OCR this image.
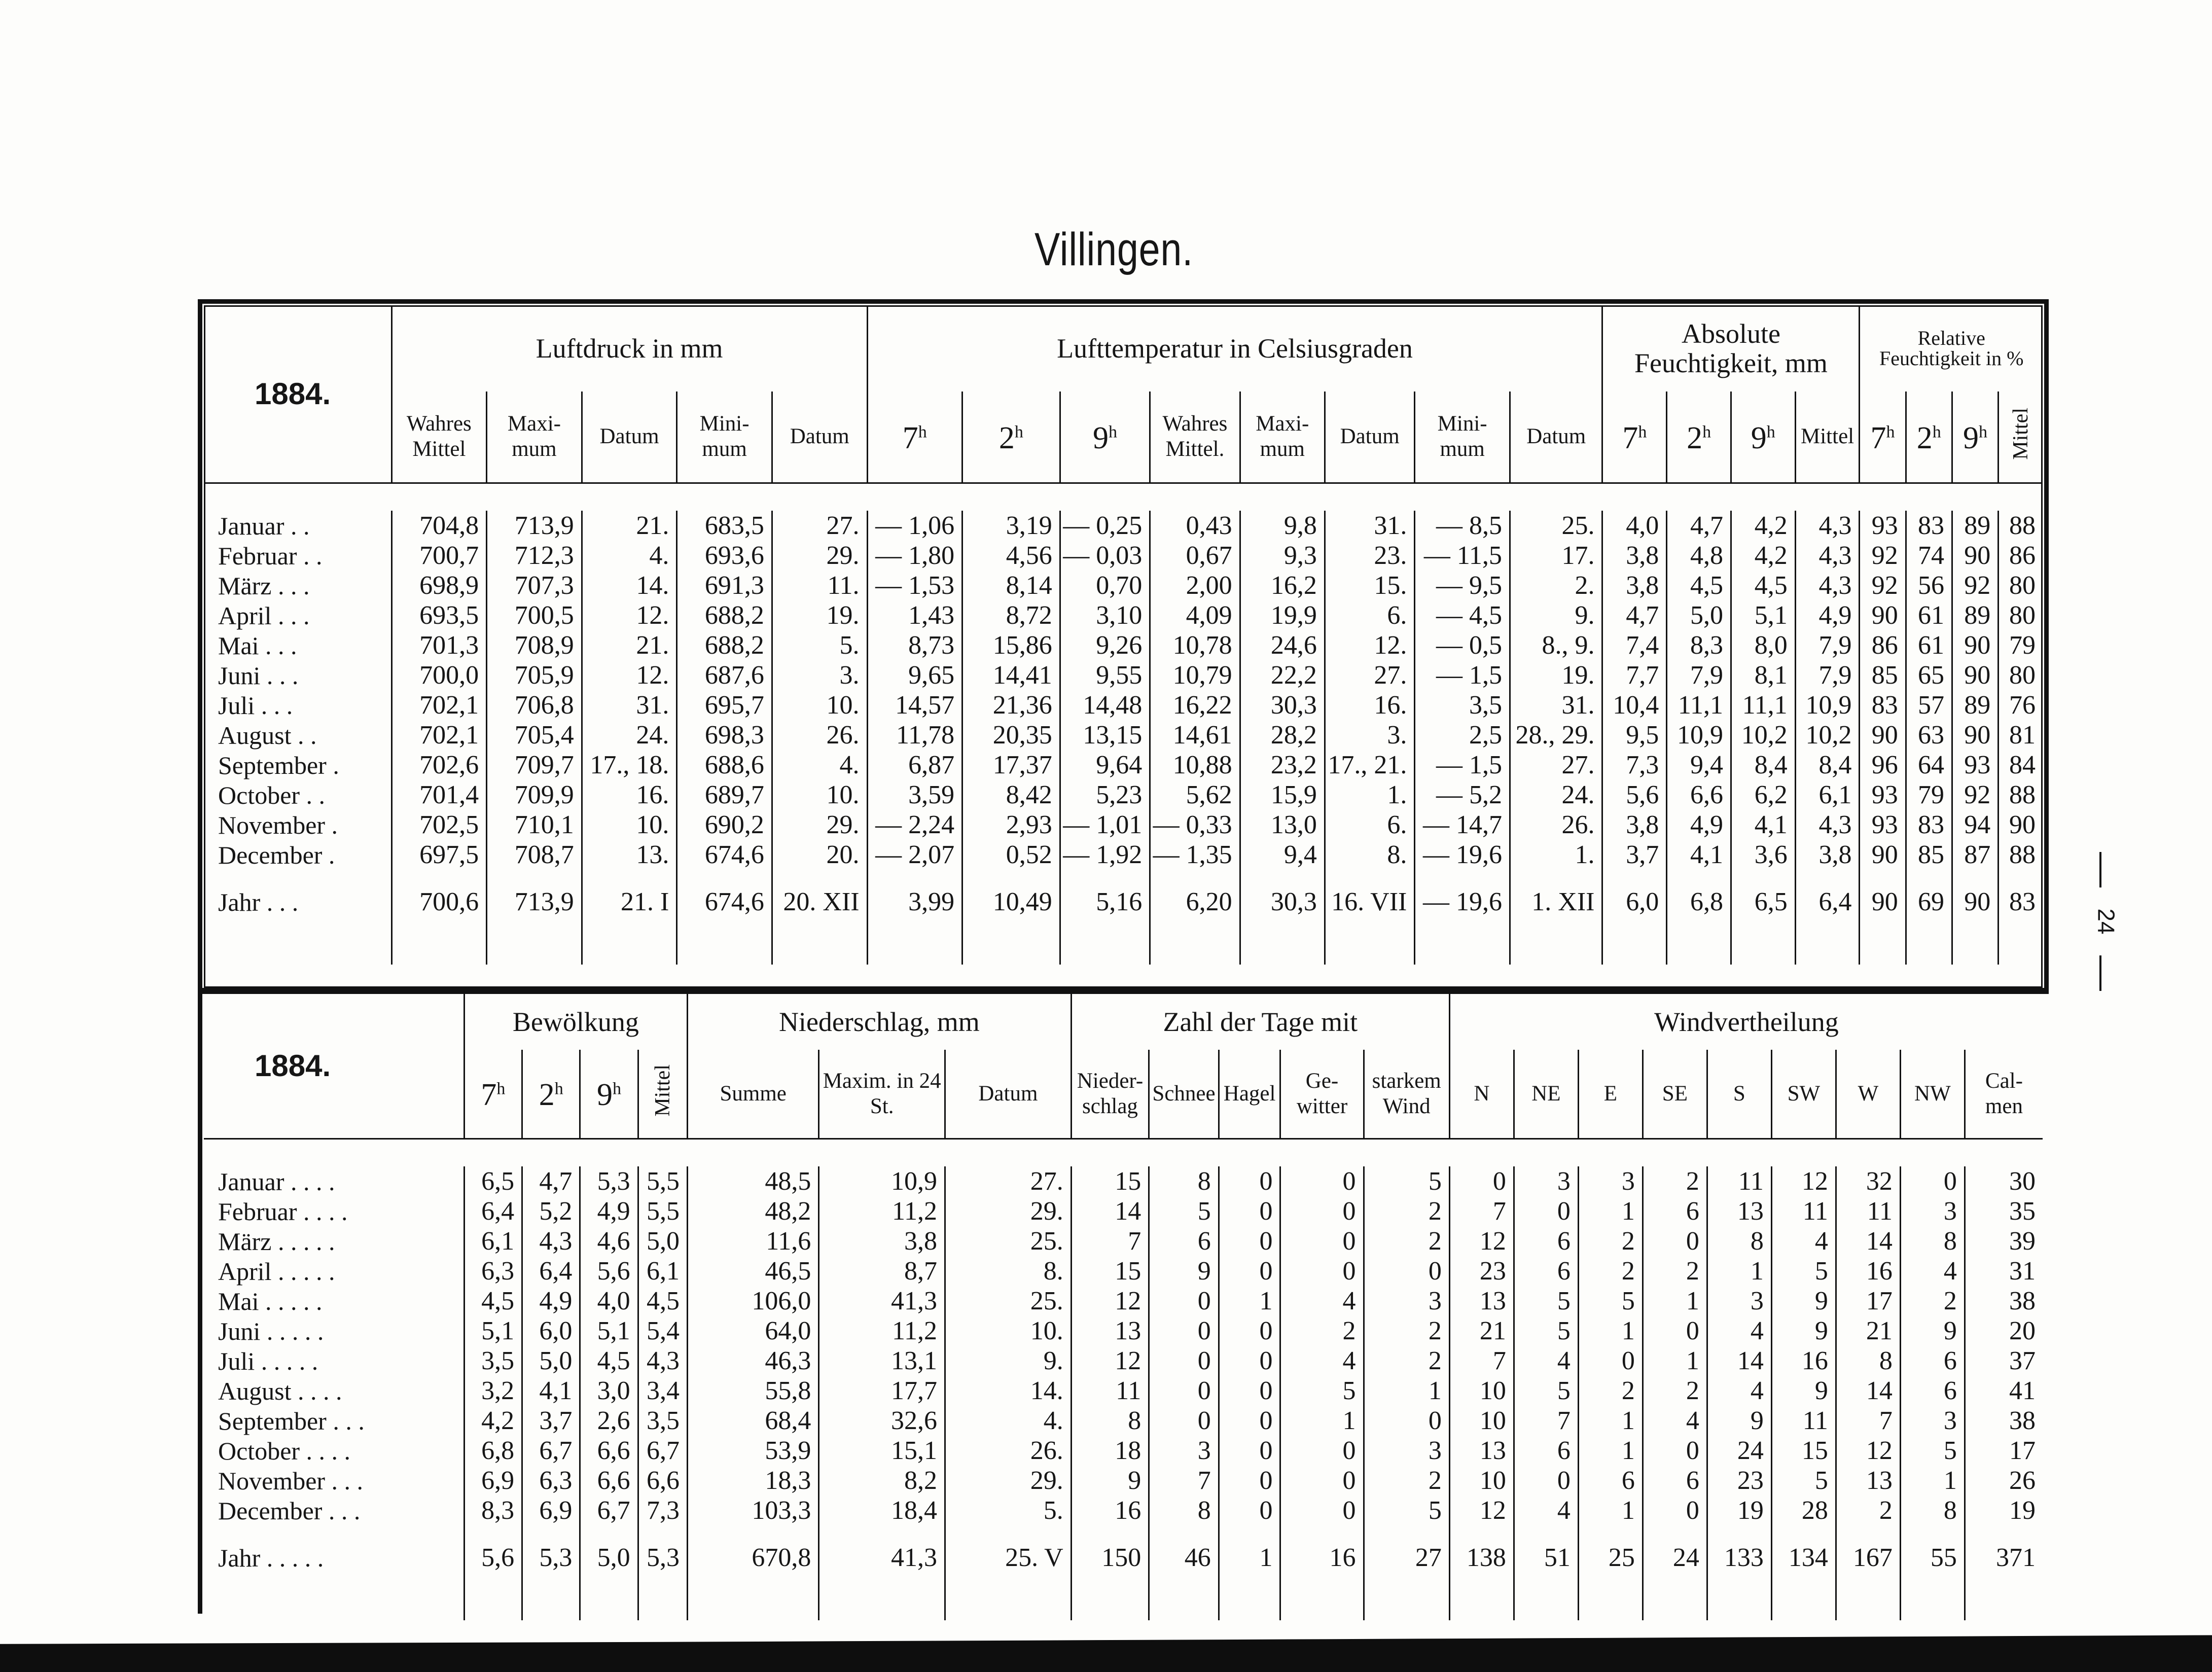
Villingen.
1884.	Luftdruck in mm					Lufttemperatur in Celsiusgraden								Absolute Feuchtigkeit, mm				Relative Feuchtigkeit in %			
	Wahres Mittel	Maxi- mum	Datum	Mini- mum	Datum	7$^h$	2$^h$	9$^h$	Wahres Mittel.	Maxi- mum	Datum	Mini- mum	Datum	7$^h$	2$^h$	9$^h$	Mittel	7$^h$	2$^h$	9$^h$	Mittel

Januar . .	704,8	713,9	21.	683,5	27.	— 1,06	3,19	— 0,25	0,43	9,8	31.	— 8,5	25.	4,0	4,7	4,2	4,3	93	83	89	88
Februar . .	700,7	712,3	4.	693,6	29.	— 1,80	4,56	— 0,03	0,67	9,3	23.	— 11,5	17.	3,8	4,8	4,2	4,3	92	74	90	86
März . . .	698,9	707,3	14.	691,3	11.	— 1,53	8,14	0,70	2,00	16,2	15.	— 9,5	2.	3,8	4,5	4,5	4,3	92	56	92	80
April . . .	693,5	700,5	12.	688,2	19.	1,43	8,72	3,10	4,09	19,9	6.	— 4,5	9.	4,7	5,0	5,1	4,9	90	61	89	80
Mai . . .	701,3	708,9	21.	688,2	5.	8,73	15,86	9,26	10,78	24,6	12.	— 0,5	8., 9.	7,4	8,3	8,0	7,9	86	61	90	79
Juni . . .	700,0	705,9	12.	687,6	3.	9,65	14,41	9,55	10,79	22,2	27.	— 1,5	19.	7,7	7,9	8,1	7,9	85	65	90	80
Juli . . .	702,1	706,8	31.	695,7	10.	14,57	21,36	14,48	16,22	30,3	16.	3,5	31.	10,4	11,1	11,1	10,9	83	57	89	76
August . .	702,1	705,4	24.	698,3	26.	11,78	20,35	13,15	14,61	28,2	3.	2,5	28., 29.	9,5	10,9	10,2	10,2	90	63	90	81
September .	702,6	709,7	17., 18.	688,6	4.	6,87	17,37	9,64	10,88	23,2	17., 21.	— 1,5	27.	7,3	9,4	8,4	8,4	96	64	93	84
October . .	701,4	709,9	16.	689,7	10.	3,59	8,42	5,23	5,62	15,9	1.	— 5,2	24.	5,6	6,6	6,2	6,1	93	79	92	88
November .	702,5	710,1	10.	690,2	29.	— 2,24	2,93	— 1,01	— 0,33	13,0	6.	— 14,7	26.	3,8	4,9	4,1	4,3	93	83	94	90
December .	697,5	708,7	13.	674,6	20.	— 2,07	0,52	— 1,92	— 1,35	9,4	8.	— 19,6	1.	3,7	4,1	3,6	3,8	90	85	87	88

Jahr . . .	700,6	713,9	21. I	674,6	20. XII	3,99	10,49	5,16	6,20	30,3	16. VII	— 19,6	1. XII	6,0	6,8	6,5	6,4	90	69	90	83

1884.	Bewölkung				Niederschlag, mm			Zahl der Tage mit					Windvertheilung								
	7$^h$	2$^h$	9$^h$	Mittel	Summe	Maxim. in 24 St.	Datum	Nieder- schlag	Schnee	Hagel	Ge- witter	starkem Wind	N	NE	E	SE	S	SW	W	NW	Cal- men

Januar . . . .	6,5	4,7	5,3	5,5	48,5	10,9	27.	15	8	0	0	5	0	3	3	2	11	12	32	0	30
Februar . . . .	6,4	5,2	4,9	5,5	48,2	11,2	29.	14	5	0	0	2	7	0	1	6	13	11	11	3	35
März . . . . .	6,1	4,3	4,6	5,0	11,6	3,8	25.	7	6	0	0	2	12	6	2	0	8	4	14	8	39
April . . . . .	6,3	6,4	5,6	6,1	46,5	8,7	8.	15	9	0	0	0	23	6	2	2	1	5	16	4	31
Mai . . . . .	4,5	4,9	4,0	4,5	106,0	41,3	25.	12	0	1	4	3	13	5	5	1	3	9	17	2	38
Juni . . . . .	5,1	6,0	5,1	5,4	64,0	11,2	10.	13	0	0	2	2	21	5	1	0	4	9	21	9	20
Juli . . . . .	3,5	5,0	4,5	4,3	46,3	13,1	9.	12	0	0	4	2	7	4	0	1	14	16	8	6	37
August . . . .	3,2	4,1	3,0	3,4	55,8	17,7	14.	11	0	0	5	1	10	5	2	2	4	9	14	6	41
September . . .	4,2	3,7	2,6	3,5	68,4	32,6	4.	8	0	0	1	0	10	7	1	4	9	11	7	3	38
October . . . .	6,8	6,7	6,6	6,7	53,9	15,1	26.	18	3	0	0	3	13	6	1	0	24	15	12	5	17
November . . .	6,9	6,3	6,6	6,6	18,3	8,2	29.	9	7	0	0	2	10	0	6	6	23	5	13	1	26
December . . .	8,3	6,9	6,7	7,3	103,3	18,4	5.	16	8	0	0	5	12	4	1	0	19	28	2	8	19

Jahr . . . . .	5,6	5,3	5,0	5,3	670,8	41,3	25. V	150	46	1	16	27	138	51	25	24	133	134	167	55	371

24
